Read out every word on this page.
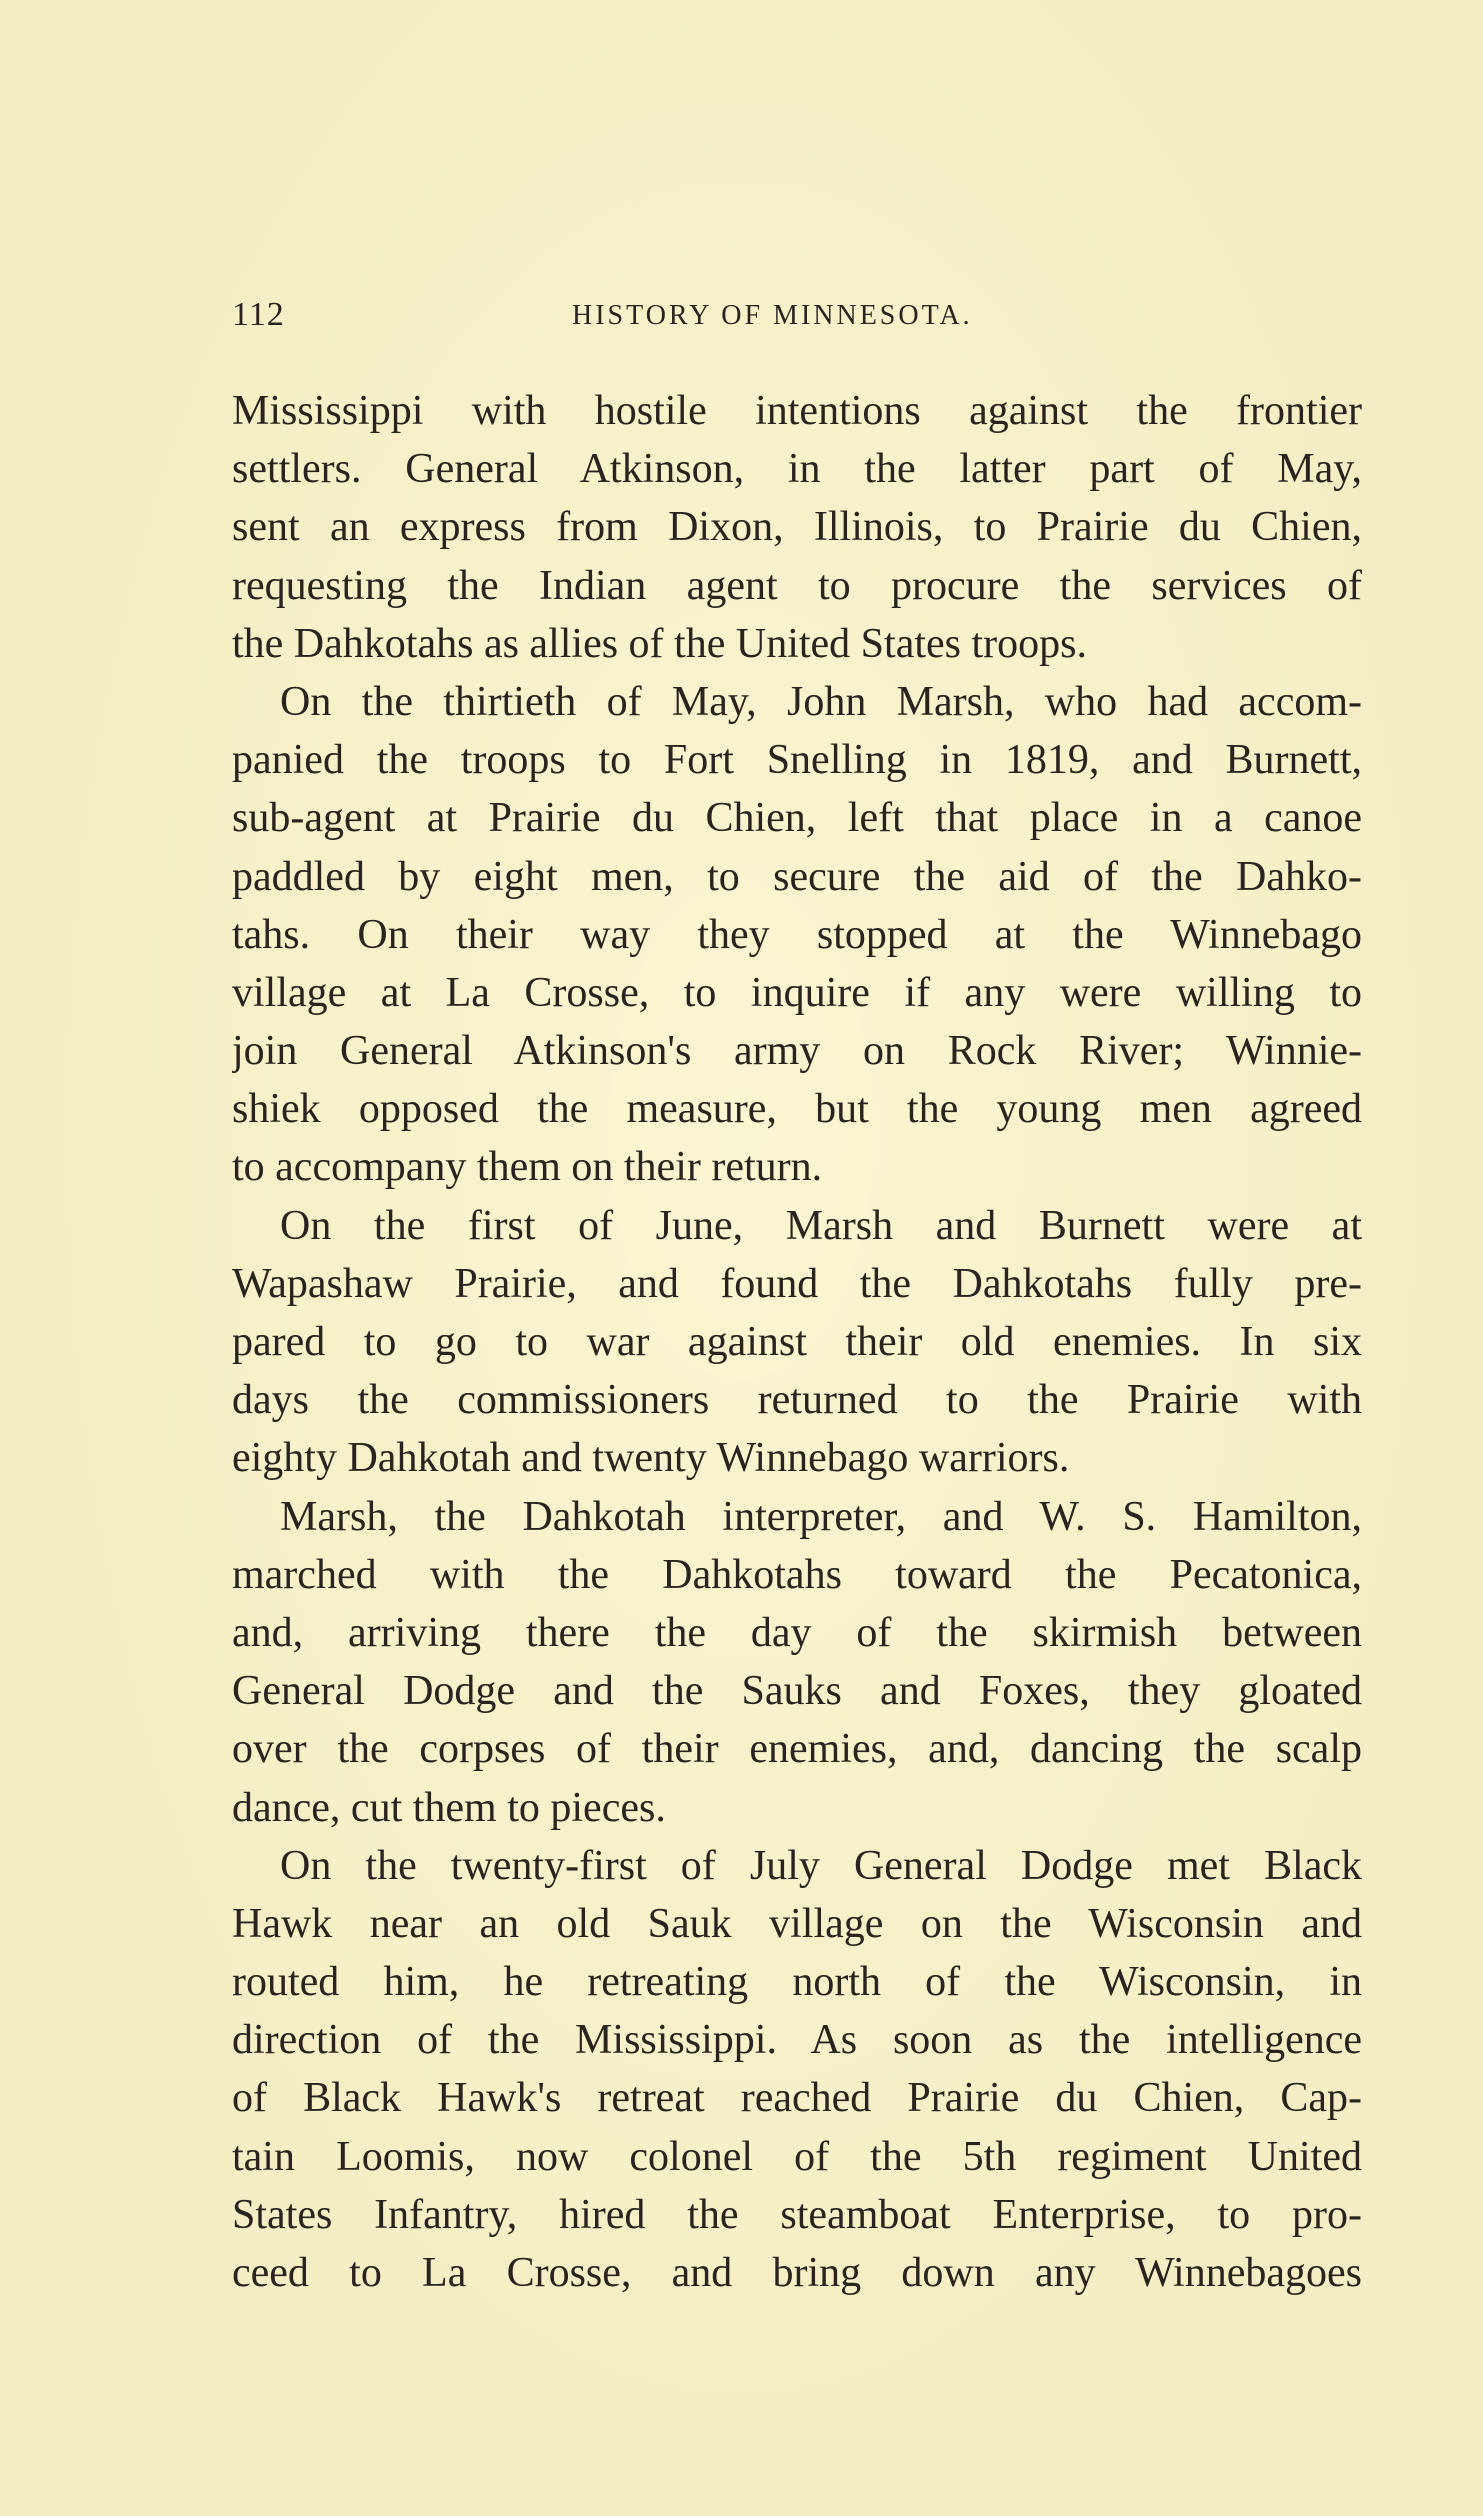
112	HISTORY OF MINNESOTA.
Mississippi with hostile intentions against the frontier
settlers. General Atkinson, in the latter part of May,
sent an express from Dixon, Illinois, to Prairie du Chien,
requesting the Indian agent to procure the services of
the Dahkotahs as allies of the United States troops.
On the thirtieth of May, John Marsh, who had accom-
panied the troops to Fort Snelling in 1819, and Burnett,
sub-agent at Prairie du Chien, left that place in a canoe
paddled by eight men, to secure the aid of the Dahko-
tahs. On their way they stopped at the Winnebago
village at La Crosse, to inquire if any were willing to
join General Atkinson's army on Rock River; Winnie-
shiek opposed the measure, but the young men agreed
to accompany them on their return.
On the first of June, Marsh and Burnett were at
Wapashaw Prairie, and found the Dahkotahs fully pre-
pared to go to war against their old enemies. In six
days the commissioners returned to the Prairie with
eighty Dahkotah and twenty Winnebago warriors.
Marsh, the Dahkotah interpreter, and W. S. Hamilton,
marched with the Dahkotahs toward the Pecatonica,
and, arriving there the day of the skirmish between
General Dodge and the Sauks and Foxes, they gloated
over the corpses of their enemies, and, dancing the scalp
dance, cut them to pieces.
On the twenty-first of July General Dodge met Black
Hawk near an old Sauk village on the Wisconsin and
routed him, he retreating north of the Wisconsin, in
direction of the Mississippi. As soon as the intelligence
of Black Hawk's retreat reached Prairie du Chien, Cap-
tain Loomis, now colonel of the 5th regiment United
States Infantry, hired the steamboat Enterprise, to pro-
ceed to La Crosse, and bring down any Winnebagoes
